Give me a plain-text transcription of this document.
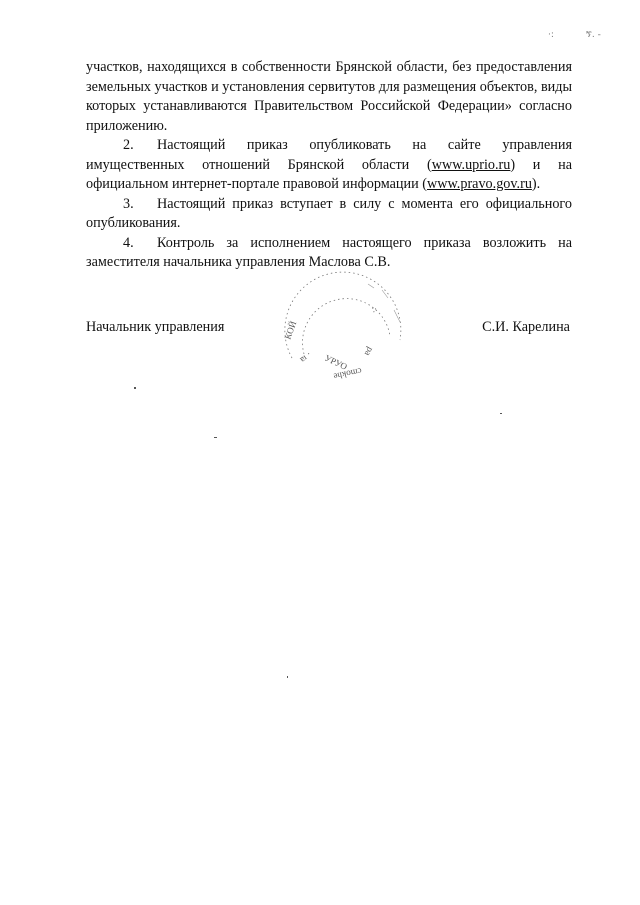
·:	ኘ. -

участков, находящихся в собственности Брянской области, без предоставления земельных участков и установления сервитутов для размещения объектов, виды которых устанавливаются Правительством Российской Федерации» согласно приложению.

2. Настоящий приказ опубликовать на сайте управления имущественных отношений Брянской области (www.uprio.ru) и на официальном интернет-портале правовой информации (www.pravo.gov.ru).

3. Настоящий приказ вступает в силу с момента его официального опубликования.

4. Контроль за исполнением настоящего приказа возложить на заместителя начальника управления Маслова С.В.

Начальник управления	С.И. Карелина
КОЙ
ɐı ·
ǝɥʞoɯɔ
УРУО
ɐd
·:
